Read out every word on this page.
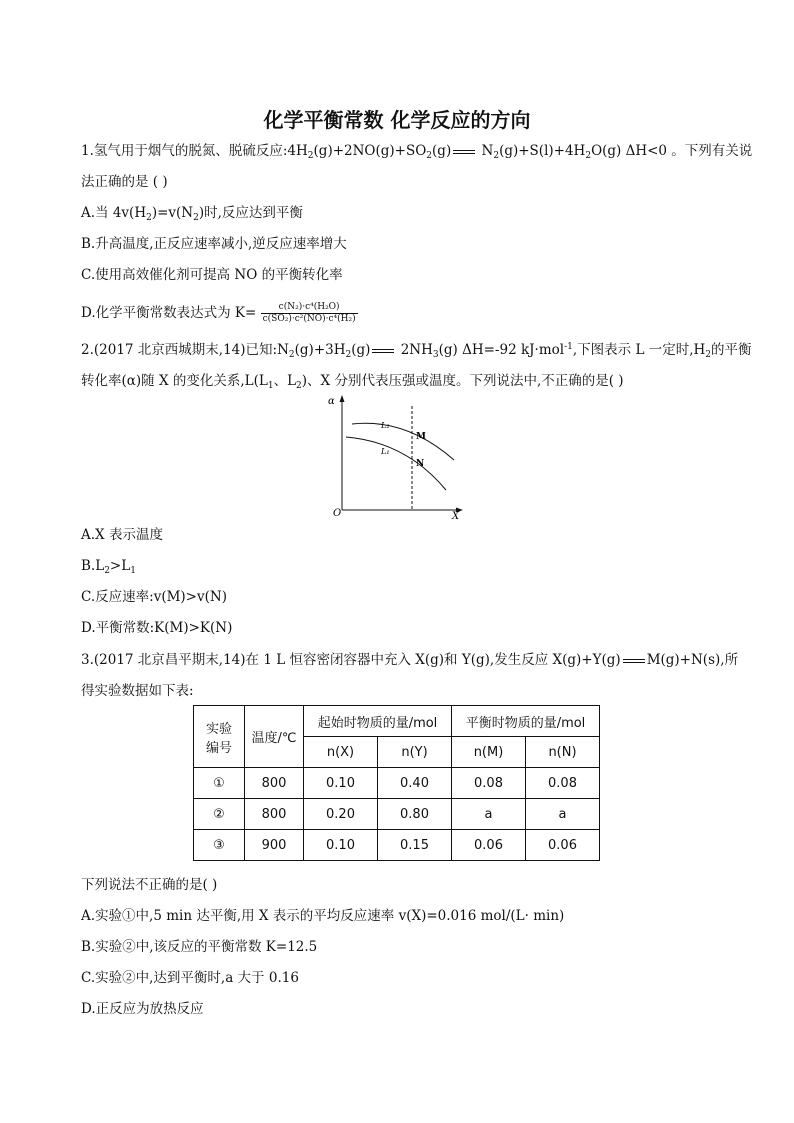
化学平衡常数 化学反应的方向
1.氢气用于烟气的脱氮、脱硫反应$:4H_2(g)+2NO(g)+SO_2(g)$ $N_2(g)+S(l)+4H_2O(g)$ ΔH<0 。下列有关说
法正确的是 ( )
A.当 $4v(H_2)=v(N_2)$时,反应达到平衡
B.升高温度,正反应速率减小,逆反应速率增大
C.使用高效催化剂可提高 NO 的平衡转化率
D.化学平衡常数表达式为 $K= \frac{\text{c(N₂)·c⁴(H₂O)}}{\text{c(SO₂)·c²(NO)·c⁴(H₂)}}$
2.(2017 北京西城期末,14)已知$:N_2(g)+3H_2(g)$ $2NH_3(g)$ ΔH=-92 kJ·mol$^{-1}$,下图表示 L 一定时$,H_2$的平衡
转化率(α)随 X 的变化关系$,L(L_1$、$L_2$)、X 分别代表压强或温度。下列说法中,不正确的是( )
α
X
O
L₂
L₁
M
N
A.X 表示温度
$B.L_2>L_1$
C.反应速率:v(M)>v(N)
D.平衡常数:K(M)>K(N)
3.(2017 北京昌平期末,14)在 1 L 恒容密闭容器中充入 X(g)和 Y(g),发生反应 X(g)+Y(g) M(g)+N(s),所
得实验数据如下表:
实验
编号	温度/℃	起始时物质的量/mol		平衡时物质的量/mol	
		n(X)	n(Y)	n(M)	n(N)
①	800	0.10	0.40	0.08	0.08
②	800	0.20	0.80	a	a
③	900	0.10	0.15	0.06	0.06
下列说法不正确的是( )
A.实验①中,5 min 达平衡,用 X 表示的平均反应速率 v(X)=0.016 mol/(L· min)
B.实验②中,该反应的平衡常数 K=12.5
C.实验②中,达到平衡时,a 大于 0.16
D.正反应为放热反应
